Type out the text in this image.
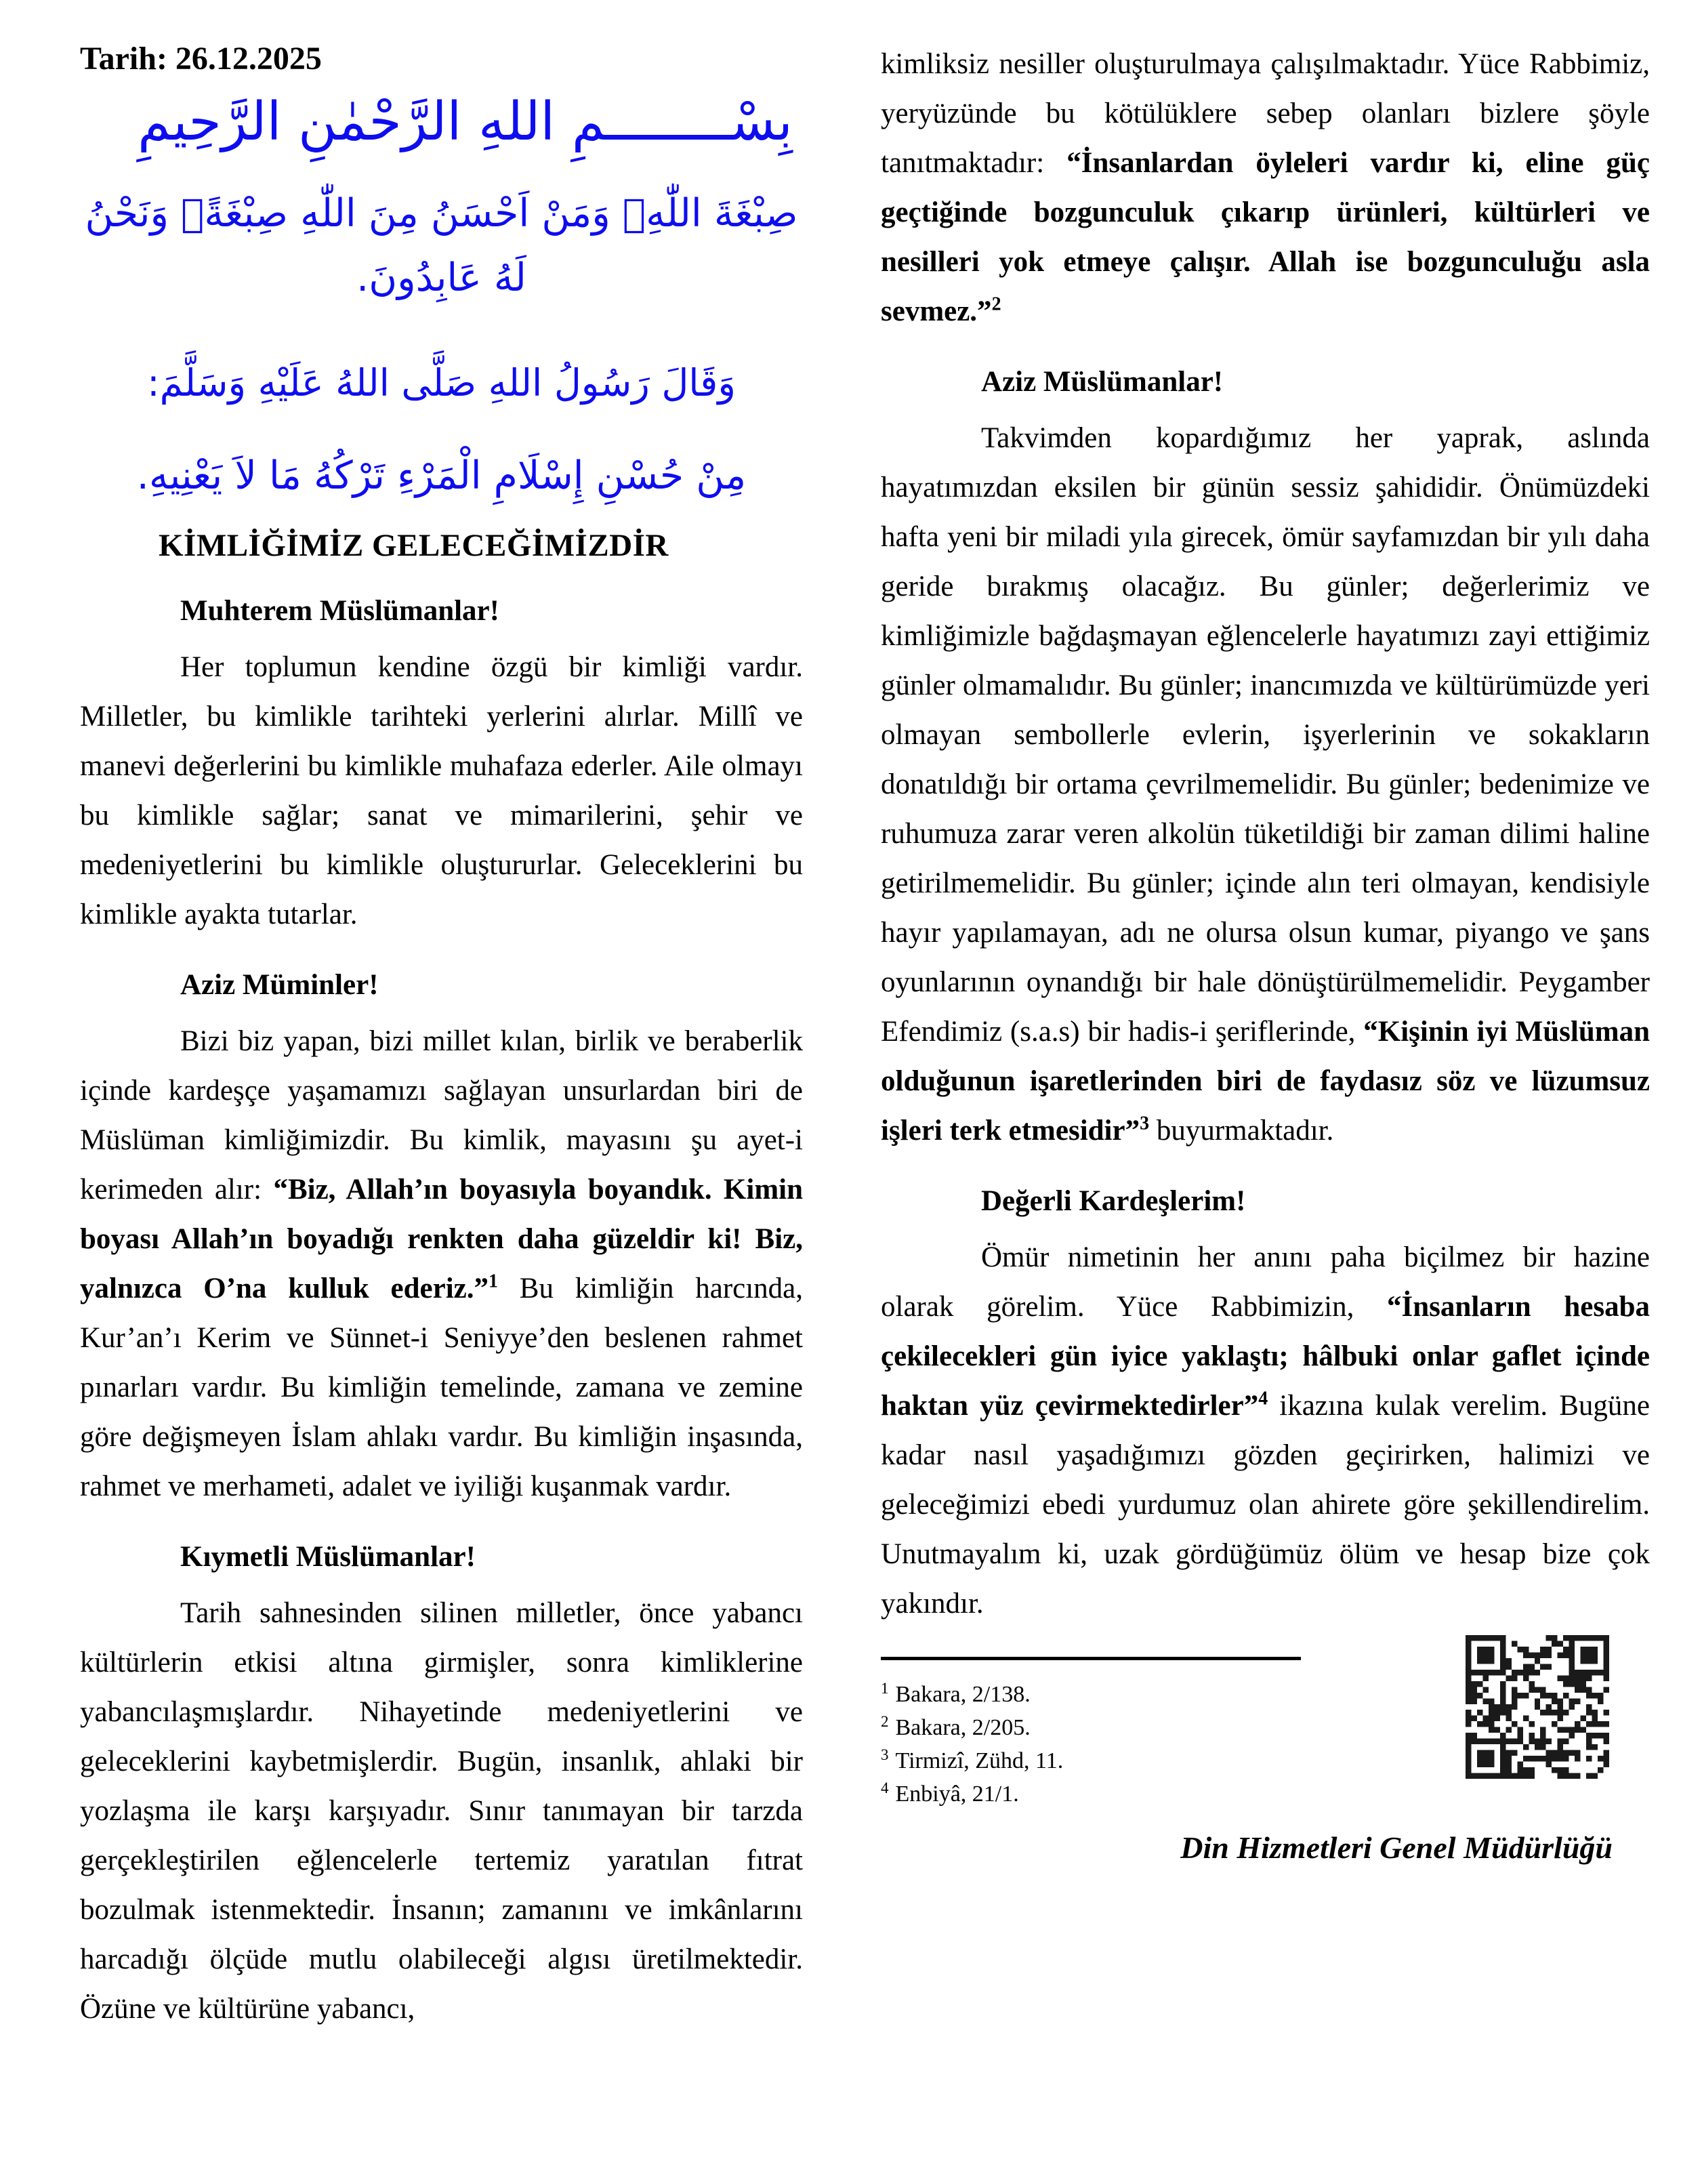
Tarih: 26.12.2025
بِسْــــــــمِ اللهِ الرَّحْمٰنِ الرَّحِيمِ
صِبْغَةَ اللّٰهِۚ وَمَنْ اَحْسَنُ مِنَ اللّٰهِ صِبْغَةًۘ وَنَحْنُ لَهُ عَابِدُونَ.
وَقَالَ رَسُولُ اللهِ صَلَّى اللهُ عَلَيْهِ وَسَلَّمَ:
مِنْ حُسْنِ إِسْلَامِ الْمَرْءِ تَرْكُهُ مَا لاَ يَعْنِيهِ.
KİMLİĞİMİZ GELECEĞİMİZDİR
Muhterem Müslümanlar!

Her toplumun kendine özgü bir kimliği vardır. Milletler, bu kimlikle tarihteki yerlerini alırlar. Millî ve manevi değerlerini bu kimlikle muhafaza ederler. Aile olmayı bu kimlikle sağlar; sanat ve mimarilerini, şehir ve medeniyetlerini bu kimlikle oluştururlar. Geleceklerini bu kimlikle ayakta tutarlar.

Aziz Müminler!

Bizi biz yapan, bizi millet kılan, birlik ve beraberlik içinde kardeşçe yaşamamızı sağlayan unsurlardan biri de Müslüman kimliğimizdir. Bu kimlik, mayasını şu ayet-i kerimeden alır: “Biz, Allah’ın boyasıyla boyandık. Kimin boyası Allah’ın boyadığı renkten daha güzeldir ki! Biz, yalnızca O’na kulluk ederiz.”$^1$ Bu kimliğin harcında, Kur’an’ı Kerim ve Sünnet-i Seniyye’den beslenen rahmet pınarları vardır. Bu kimliğin temelinde, zamana ve zemine göre değişmeyen İslam ahlakı vardır. Bu kimliğin inşasında, rahmet ve merhameti, adalet ve iyiliği kuşanmak vardır.

Kıymetli Müslümanlar!

Tarih sahnesinden silinen milletler, önce yabancı kültürlerin etkisi altına girmişler, sonra kimliklerine yabancılaşmışlardır. Nihayetinde medeniyetlerini ve geleceklerini kaybetmişlerdir. Bugün, insanlık, ahlaki bir yozlaşma ile karşı karşıyadır. Sınır tanımayan bir tarzda gerçekleştirilen eğlencelerle tertemiz yaratılan fıtrat bozulmak istenmektedir. İnsanın; zamanını ve imkânlarını harcadığı ölçüde mutlu olabileceği algısı üretilmektedir. Özüne ve kültürüne yabancı,

kimliksiz nesiller oluşturulmaya çalışılmaktadır. Yüce Rabbimiz, yeryüzünde bu kötülüklere sebep olanları bizlere şöyle tanıtmaktadır: “İnsanlardan öyleleri vardır ki, eline güç geçtiğinde bozgunculuk çıkarıp ürünleri, kültürleri ve nesilleri yok etmeye çalışır. Allah ise bozgunculuğu asla sevmez.”$^2$

Aziz Müslümanlar!

Takvimden kopardığımız her yaprak, aslında hayatımızdan eksilen bir günün sessiz şahididir. Önümüzdeki hafta yeni bir miladi yıla girecek, ömür sayfamızdan bir yılı daha geride bırakmış olacağız. Bu günler; değerlerimiz ve kimliğimizle bağdaşmayan eğlencelerle hayatımızı zayi ettiğimiz günler olmamalıdır. Bu günler; inancımızda ve kültürümüzde yeri olmayan sembollerle evlerin, işyerlerinin ve sokakların donatıldığı bir ortama çevrilmemelidir. Bu günler; bedenimize ve ruhumuza zarar veren alkolün tüketildiği bir zaman dilimi haline getirilmemelidir. Bu günler; içinde alın teri olmayan, kendisiyle hayır yapılamayan, adı ne olursa olsun kumar, piyango ve şans oyunlarının oynandığı bir hale dönüştürülmemelidir. Peygamber Efendimiz (s.a.s) bir hadis-i şeriflerinde, “Kişinin iyi Müslüman olduğunun işaretlerinden biri de faydasız söz ve lüzumsuz işleri terk etmesidir”$^3$ buyurmaktadır.

Değerli Kardeşlerim!

Ömür nimetinin her anını paha biçilmez bir hazine olarak görelim. Yüce Rabbimizin, “İnsanların hesaba çekilecekleri gün iyice yaklaştı; hâlbuki onlar gaflet içinde haktan yüz çevirmektedirler”$^4$ ikazına kulak verelim. Bugüne kadar nasıl yaşadığımızı gözden geçirirken, halimizi ve geleceğimizi ebedi yurdumuz olan ahirete göre şekillendirelim. Unutmayalım ki, uzak gördüğümüz ölüm ve hesap bize çok yakındır.

$^1$ Bakara, 2/138.
$^2$ Bakara, 2/205.
$^3$ Tirmizî, Zühd, 11.
$^4$ Enbiyâ, 21/1.
Din Hizmetleri Genel Müdürlüğü
